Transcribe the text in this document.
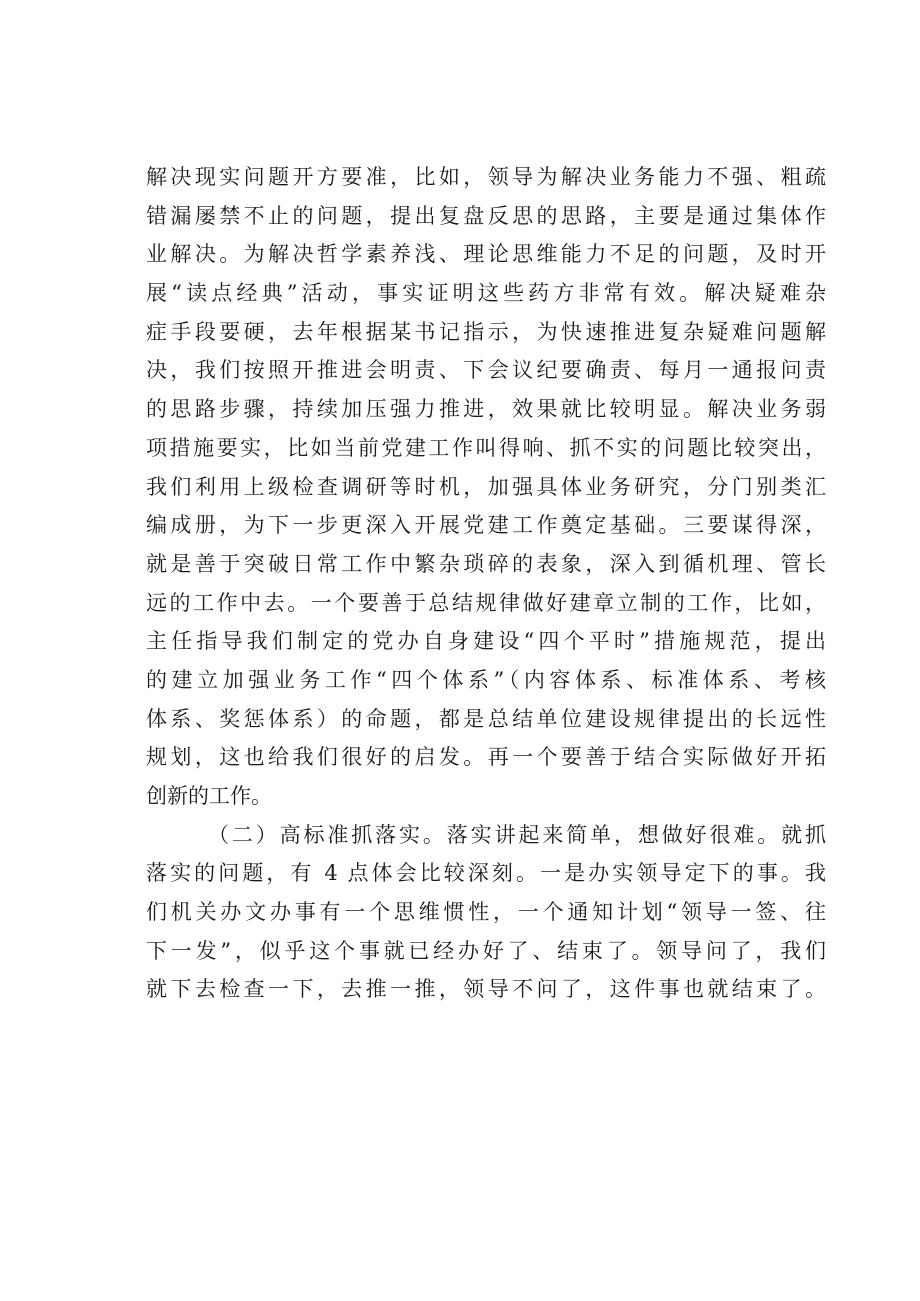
解决现实问题开方要准，比如，领导为解决业务能力不强、粗疏
错漏屡禁不止的问题，提出复盘反思的思路，主要是通过集体作
业解决。为解决哲学素养浅、理论思维能力不足的问题，及时开
展“读点经典”活动，事实证明这些药方非常有效。解决疑难杂
症手段要硬，去年根据某书记指示，为快速推进复杂疑难问题解
决，我们按照开推进会明责、下会议纪要确责、每月一通报问责
的思路步骤，持续加压强力推进，效果就比较明显。解决业务弱
项措施要实，比如当前党建工作叫得响、抓不实的问题比较突出，
我们利用上级检查调研等时机，加强具体业务研究，分门别类汇
编成册，为下一步更深入开展党建工作奠定基础。三要谋得深，
就是善于突破日常工作中繁杂琐碎的表象，深入到循机理、管长
远的工作中去。一个要善于总结规律做好建章立制的工作，比如，
主任指导我们制定的党办自身建设“四个平时”措施规范，提出
的建立加强业务工作“四个体系”（内容体系、标准体系、考核
体系、奖惩体系）的命题，都是总结单位建设规律提出的长远性
规划，这也给我们很好的启发。再一个要善于结合实际做好开拓
创新的工作。
（二）高标准抓落实。落实讲起来简单，想做好很难。就抓
落实的问题，有 4 点体会比较深刻。一是办实领导定下的事。我
们机关办文办事有一个思维惯性，一个通知计划“领导一签、往
下一发”，似乎这个事就已经办好了、结束了。领导问了，我们
就下去检查一下，去推一推，领导不问了，这件事也就结束了。
